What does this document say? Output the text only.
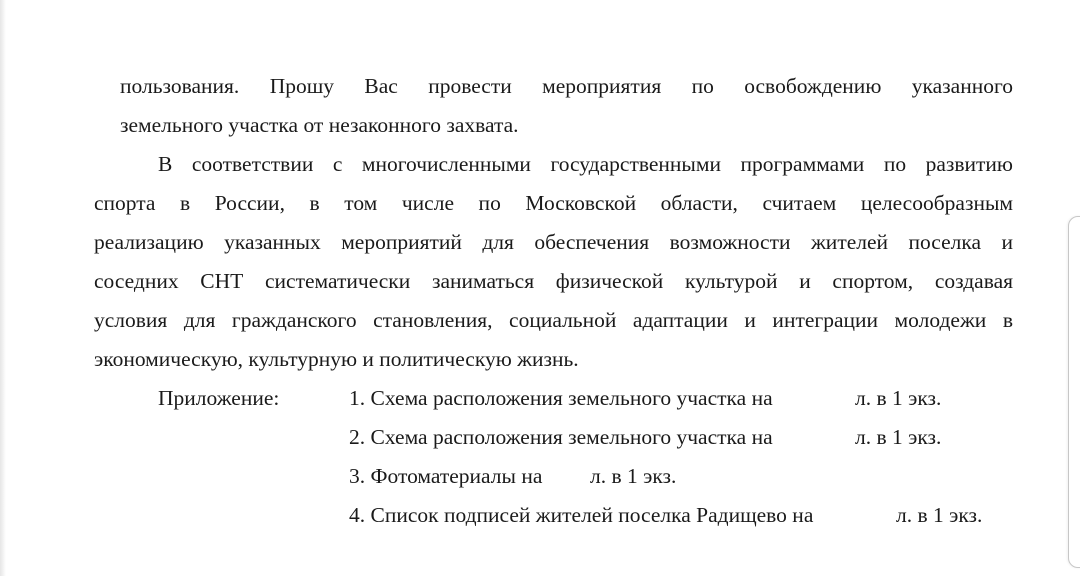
пользования. Прошу Вас провести мероприятия по освобождению указанного
земельного участка от незаконного захвата.
В соответствии с многочисленными государственными программами по развитию
спорта в России, в том числе по Московской области, считаем целесообразным
реализацию указанных мероприятий для обеспечения возможности жителей поселка и
соседних СНТ систематически заниматься физической культурой и спортом, создавая
условия для гражданского становления, социальной адаптации и интеграции молодежи в
экономическую, культурную и политическую жизнь.
Приложение:	1. Схема расположения земельного участка на	л. в 1 экз.
2. Схема расположения земельного участка на	л. в 1 экз.
3. Фотоматериалы на л. в 1 экз.
4. Список подписей жителей поселка Радищево на	л. в 1 экз.
